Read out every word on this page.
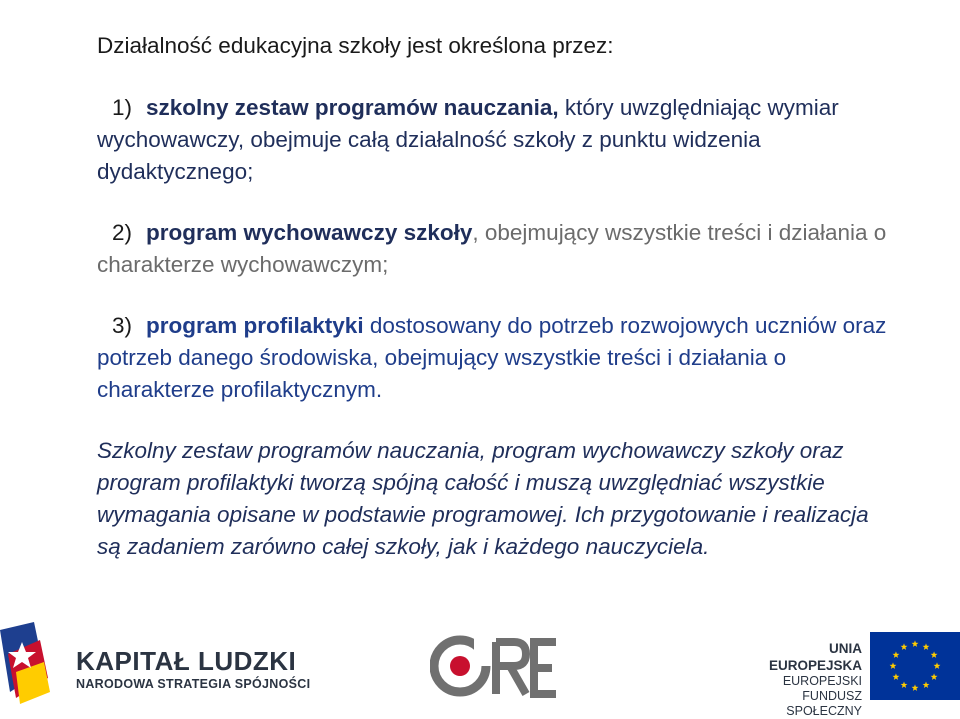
Działalność edukacyjna szkoły jest określona przez:

1) szkolny zestaw programów nauczania, który uwzględniając wymiar wychowawczy, obejmuje całą działalność szkoły z punktu widzenia dydaktycznego;

2) program wychowawczy szkoły, obejmujący wszystkie treści i działania o charakterze wychowawczym;

3) program profilaktyki dostosowany do potrzeb rozwojowych uczniów oraz potrzeb danego środowiska, obejmujący wszystkie treści i działania o charakterze profilaktycznym.

Szkolny zestaw programów nauczania, program wychowawczy szkoły oraz program profilaktyki tworzą spójną całość i muszą uwzględniać wszystkie wymagania opisane w podstawie programowej. Ich przygotowanie i realizacja są zadaniem zarówno całej szkoły, jak i każdego nauczyciela.

KAPITAŁ LUDZKI
NARODOWA STRATEGIA SPÓJNOŚCI
UNIA EUROPEJSKA
EUROPEJSKI
FUNDUSZ SPOŁECZNY
